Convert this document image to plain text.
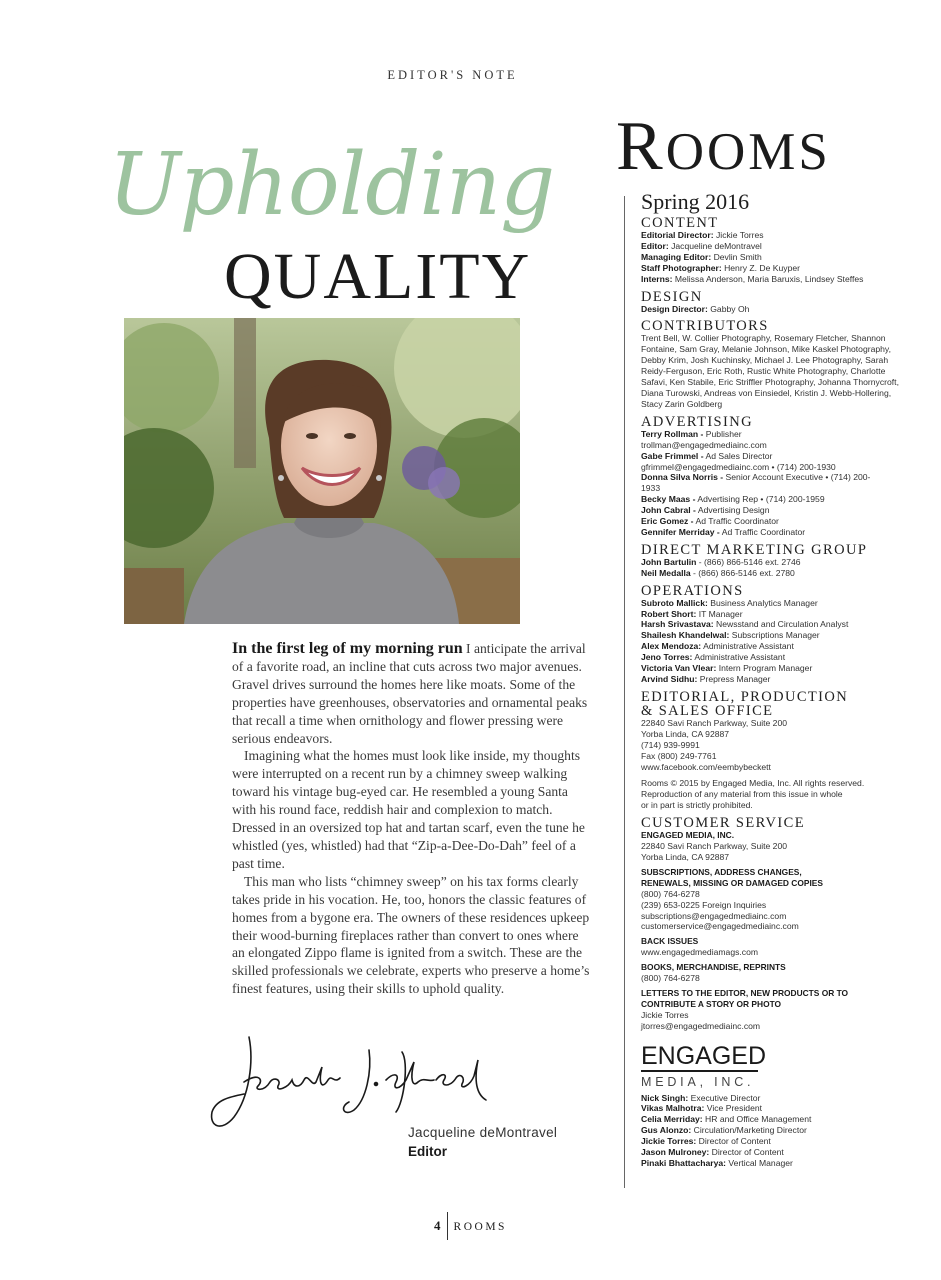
EDITOR'S NOTE
Upholding
QUALITY

In the first leg of my morning run I anticipate the arrival of a favorite road, an incline that cuts across two major avenues. Gravel drives surround the homes here like moats. Some of the properties have greenhouses, observatories and ornamental peaks that recall a time when ornithology and flower pressing were serious endeavors.

Imagining what the homes must look like inside, my thoughts were interrupted on a recent run by a chimney sweep walking toward his vintage bug-eyed car. He resembled a young Santa with his round face, reddish hair and complexion to match. Dressed in an oversized top hat and tartan scarf, even the tune he whistled (yes, whistled) had that “Zip-a-Dee-Do-Dah” feel of a past time.

This man who lists “chimney sweep” on his tax forms clearly takes pride in his vocation. He, too, honors the classic features of homes from a bygone era. The owners of these residences upkeep their wood-burning fireplaces rather than convert to ones where an elongated Zippo flame is ignited from a switch. These are the skilled professionals we celebrate, experts who preserve a home’s finest features, using their skills to uphold quality.

Jacqueline deMontravel
Editor
4 ROOMS
ROOMS
Spring 2016
CONTENT
Editorial Director: Jickie Torres
Editor: Jacqueline deMontravel
Managing Editor: Devlin Smith
Staff Photographer: Henry Z. De Kuyper
Interns: Melissa Anderson, Maria Baruxis, Lindsey Steffes
DESIGN
Design Director: Gabby Oh
CONTRIBUTORS
Trent Bell, W. Collier Photography, Rosemary Fletcher, Shannon
Fontaine, Sam Gray, Melanie Johnson, Mike Kaskel Photography,
Debby Krim, Josh Kuchinsky, Michael J. Lee Photography, Sarah
Reidy-Ferguson, Eric Roth, Rustic White Photography, Charlotte
Safavi, Ken Stabile, Eric Striffler Photography, Johanna Thornycroft,
Diana Turowski, Andreas von Einsiedel, Kristin J. Webb-Hollering,
Stacy Zarin Goldberg
ADVERTISING
Terry Rollman - Publisher
trollman@engagedmediainc.com
Gabe Frimmel - Ad Sales Director
gfrimmel@engagedmediainc.com • (714) 200-1930
Donna Silva Norris - Senior Account Executive • (714) 200-
1933
Becky Maas - Advertising Rep • (714) 200-1959
John Cabral - Advertising Design
Eric Gomez - Ad Traffic Coordinator
Gennifer Merriday - Ad Traffic Coordinator
DIRECT MARKETING GROUP
John Bartulin - (866) 866-5146 ext. 2746
Neil Medalla - (866) 866-5146 ext. 2780
OPERATIONS
Subroto Mallick: Business Analytics Manager
Robert Short: IT Manager
Harsh Srivastava: Newsstand and Circulation Analyst
Shailesh Khandelwal: Subscriptions Manager
Alex Mendoza: Administrative Assistant
Jeno Torres: Administrative Assistant
Victoria Van Vlear: Intern Program Manager
Arvind Sidhu: Prepress Manager
EDITORIAL, PRODUCTION
& SALES OFFICE
22840 Savi Ranch Parkway, Suite 200
Yorba Linda, CA 92887
(714) 939-9991
Fax (800) 249-7761
www.facebook.com/eembybeckett
Rooms © 2015 by Engaged Media, Inc. All rights reserved.
Reproduction of any material from this issue in whole
or in part is strictly prohibited.
CUSTOMER SERVICE
ENGAGED MEDIA, INC.
22840 Savi Ranch Parkway, Suite 200
Yorba Linda, CA 92887
SUBSCRIPTIONS, ADDRESS CHANGES,
RENEWALS, MISSING OR DAMAGED COPIES
(800) 764-6278
(239) 653-0225 Foreign Inquiries
subscriptions@engagedmediainc.com
customerservice@engagedmediainc.com
BACK ISSUES
www.engagedmediamags.com
BOOKS, MERCHANDISE, REPRINTS
(800) 764-6278
LETTERS TO THE EDITOR, NEW PRODUCTS OR TO
CONTRIBUTE A STORY OR PHOTO
Jickie Torres
jtorres@engagedmediainc.com
ENGAGED
MEDIA, INC.
Nick Singh: Executive Director
Vikas Malhotra: Vice President
Celia Merriday: HR and Office Management
Gus Alonzo: Circulation/Marketing Director
Jickie Torres: Director of Content
Jason Mulroney: Director of Content
Pinaki Bhattacharya: Vertical Manager
